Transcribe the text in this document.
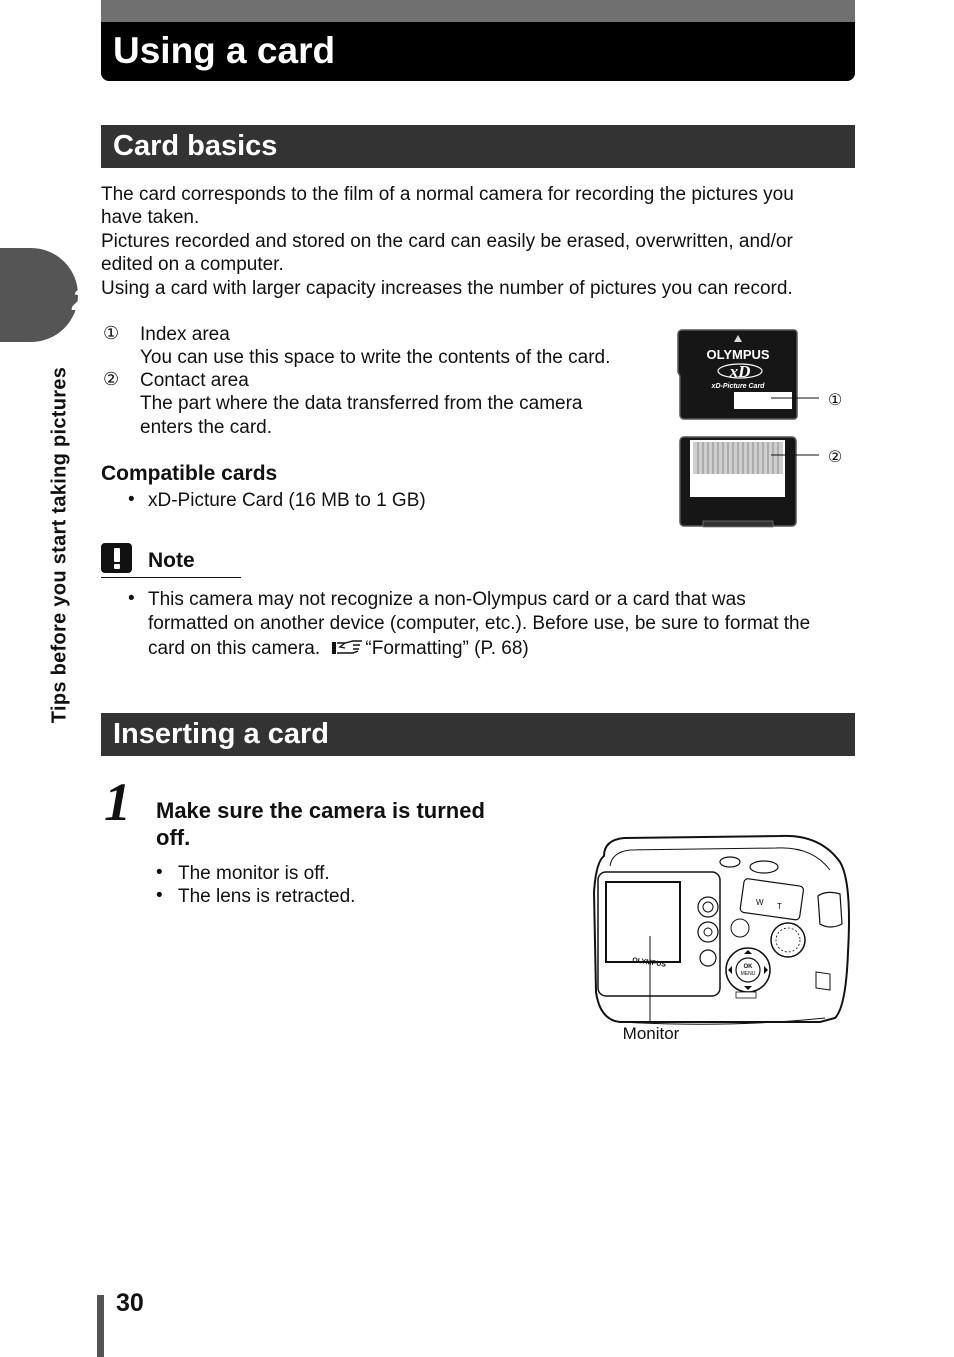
Using a card
2
Tips before you start taking pictures
Card basics
The card corresponds to the film of a normal camera for recording the pictures you
have taken.
Pictures recorded and stored on the card can easily be erased, overwritten, and/or
edited on a computer.
Using a card with larger capacity increases the number of pictures you can record.
① Index area
You can use this space to write the contents of the card.
② Contact area
The part where the data transferred from the camera
enters the card.
OLYMPUS
xD
xD-Picture Card
①
②
Compatible cards
• xD-Picture Card (16 MB to 1 GB)
Note
• This camera may not recognize a non-Olympus card or a card that was
formatted on another device (computer, etc.). Before use, be sure to format the
card on this camera. “Formatting” (P. 68)
Inserting a card
1 Make sure the camera is turned
off.
• The monitor is off.
• The lens is retracted.
OLYMPUS
W T
OK
MENU
Monitor
30
